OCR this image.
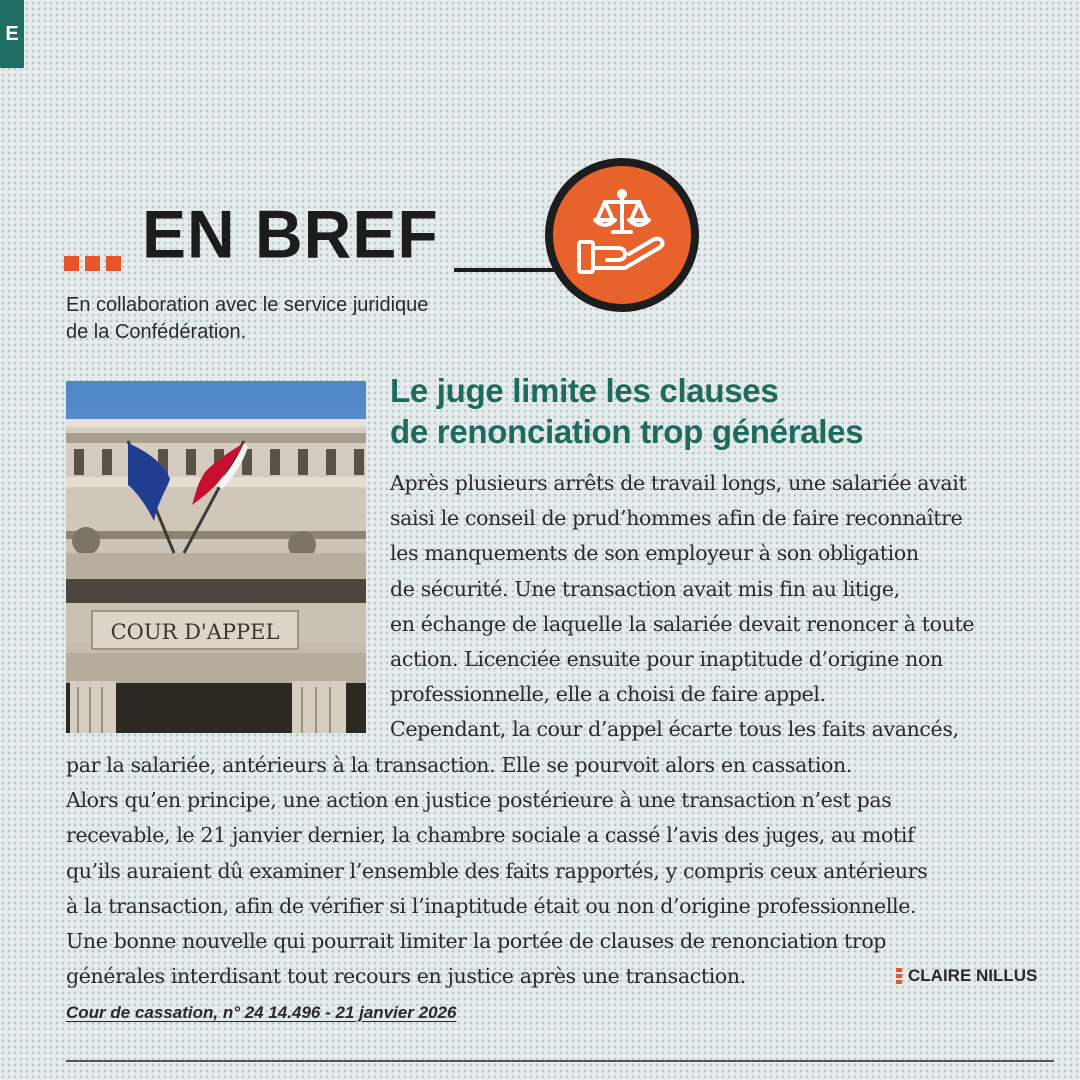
E
EN BREF
En collaboration avec le service juridique
de la Confédération.
COUR D'APPEL
Le juge limite les clauses
de renonciation trop générales
Après plusieurs arrêts de travail longs, une salariée avait
saisi le conseil de prud’hommes afin de faire reconnaître
les manquements de son employeur à son obligation
de sécurité. Une transaction avait mis fin au litige,
en échange de laquelle la salariée devait renoncer à toute
action. Licenciée ensuite pour inaptitude d’origine non
professionnelle, elle a choisi de faire appel.
Cependant, la cour d’appel écarte tous les faits avancés,
par la salariée, antérieurs à la transaction. Elle se pourvoit alors en cassation.
Alors qu’en principe, une action en justice postérieure à une transaction n’est pas
recevable, le 21 janvier dernier, la chambre sociale a cassé l’avis des juges, au motif
qu’ils auraient dû examiner l’ensemble des faits rapportés, y compris ceux antérieurs
à la transaction, afin de vérifier si l’inaptitude était ou non d’origine professionnelle.
Une bonne nouvelle qui pourrait limiter la portée de clauses de renonciation trop
générales interdisant tout recours en justice après une transaction.	CLAIRE NILLUS
Cour de cassation, n° 24 14.496 - 21 janvier 2026
